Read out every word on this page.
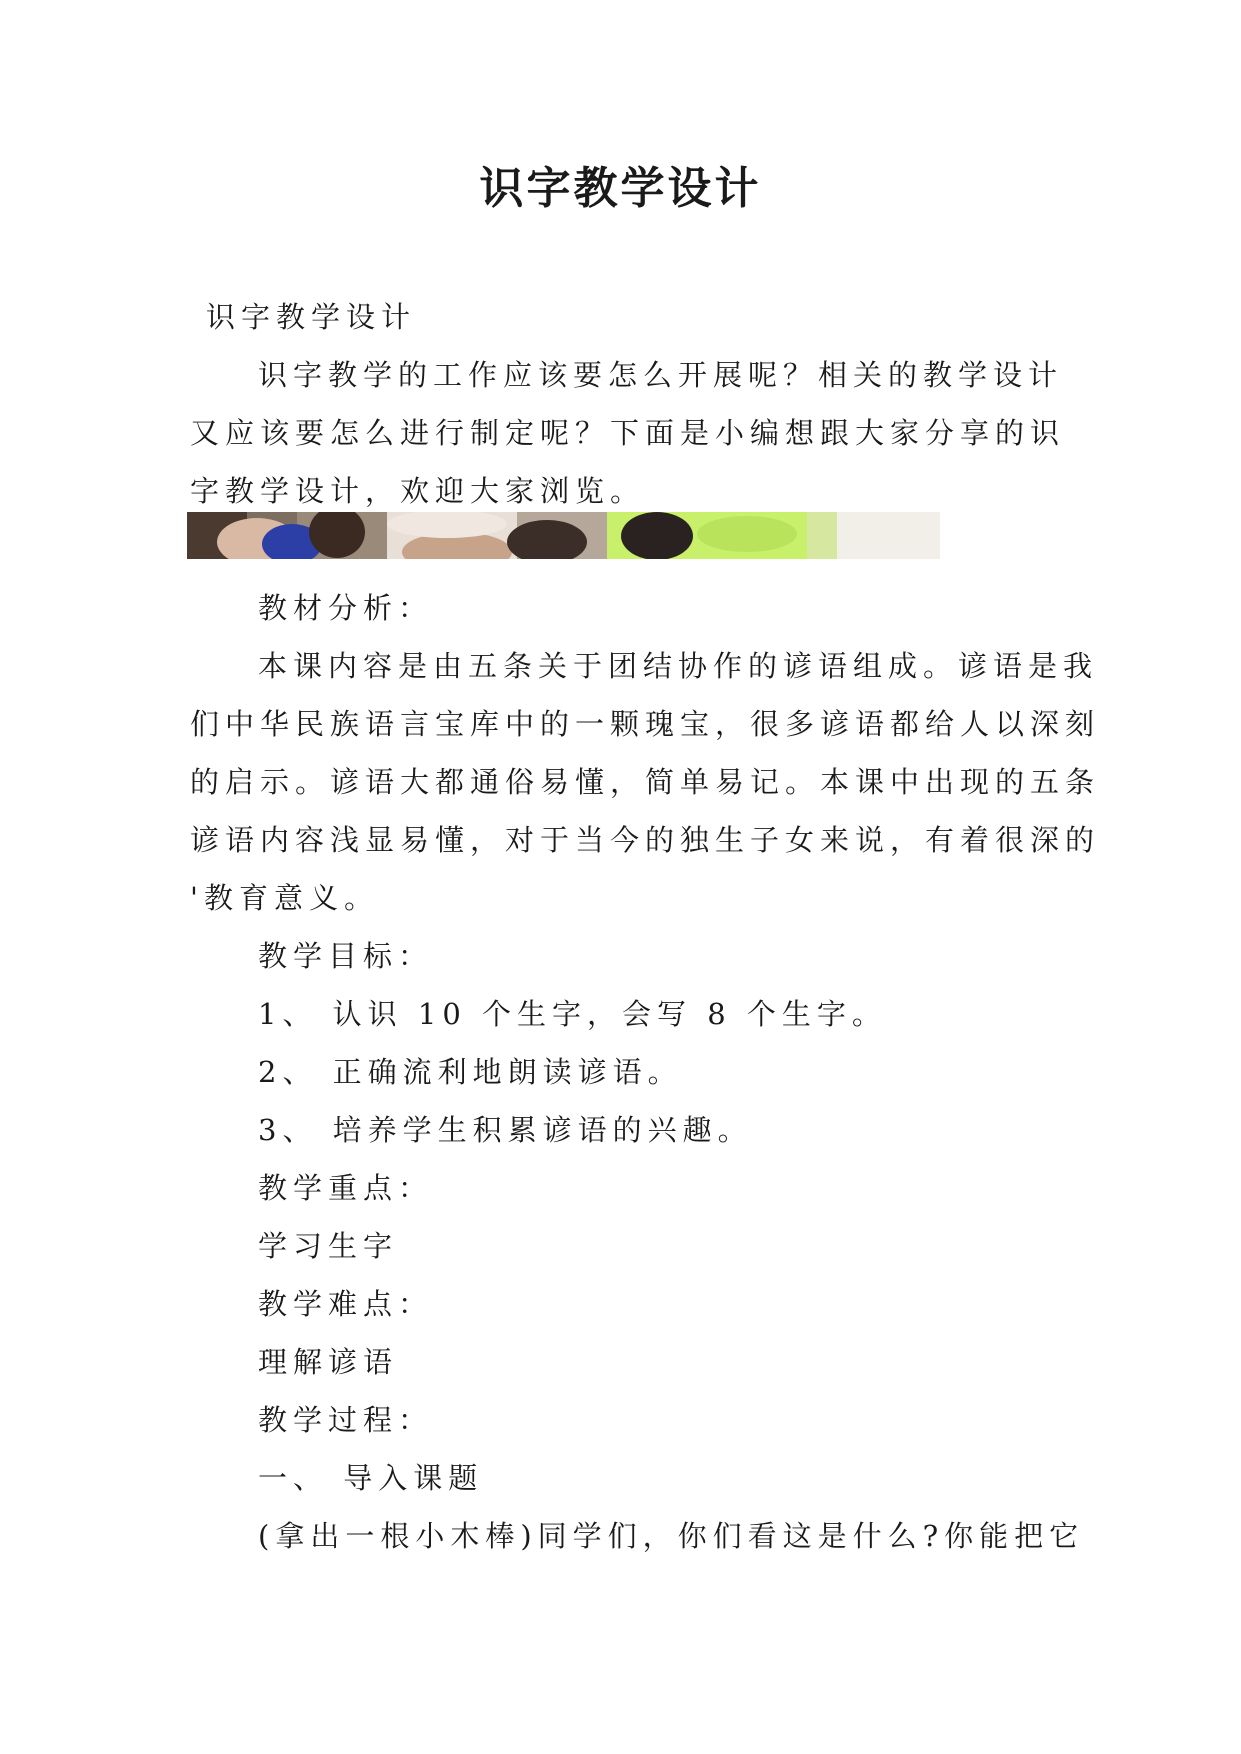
识字教学设计

识字教学设计

识字教学的工作应该要怎么开展呢？相关的教学设计

又应该要怎么进行制定呢？下面是小编想跟大家分享的识

字教学设计，欢迎大家浏览。

教材分析：

本课内容是由五条关于团结协作的谚语组成。谚语是我

们中华民族语言宝库中的一颗瑰宝，很多谚语都给人以深刻

的启示。谚语大都通俗易懂，简单易记。本课中出现的五条

谚语内容浅显易懂，对于当今的独生子女来说，有着很深的

'教育意义。

教学目标：

1、 认识 10 个生字，会写 8 个生字。

2、 正确流利地朗读谚语。

3、 培养学生积累谚语的兴趣。

教学重点：

学习生字

教学难点：

理解谚语

教学过程：

一、 导入课题

(拿出一根小木棒)同学们，你们看这是什么?你能把它
